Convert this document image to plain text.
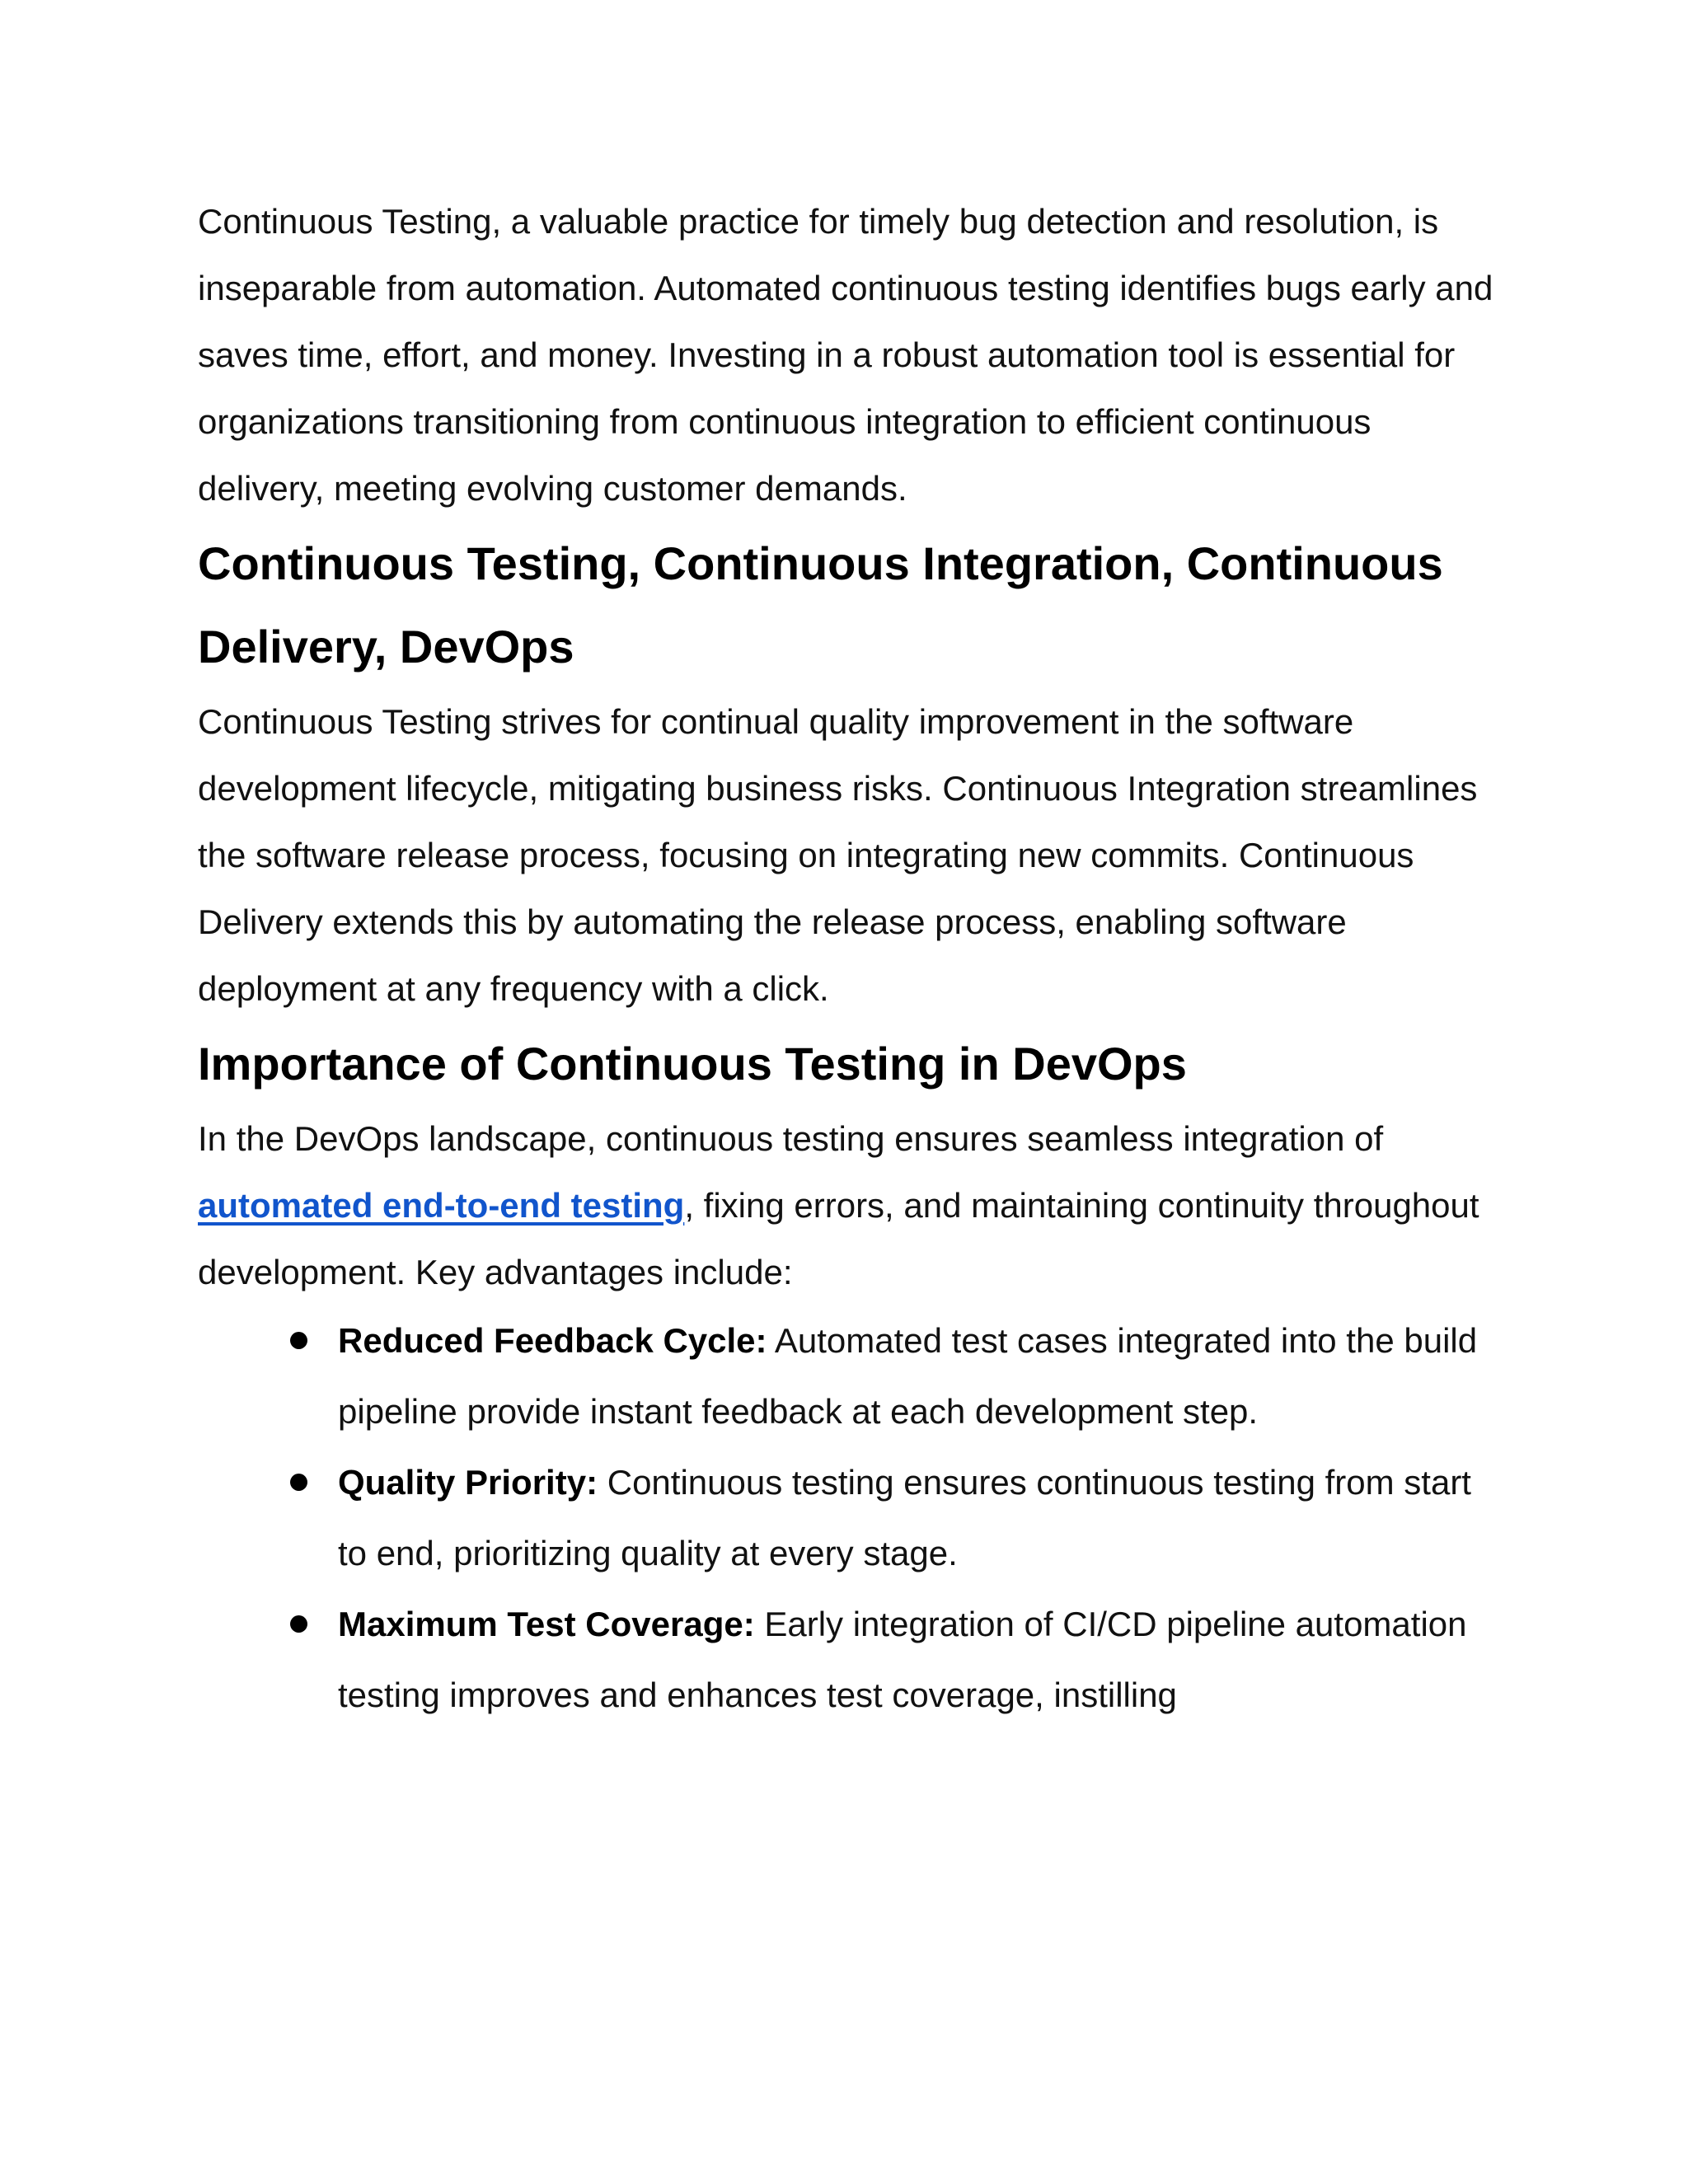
Continuous Testing, a valuable practice for timely bug detection and resolution, is inseparable from automation. Automated continuous testing identifies bugs early and saves time, effort, and money. Investing in a robust automation tool is essential for organizations transitioning from continuous integration to efficient continuous delivery, meeting evolving customer demands.

Continuous Testing, Continuous Integration, Continuous Delivery, DevOps

Continuous Testing strives for continual quality improvement in the software development lifecycle, mitigating business risks. Continuous Integration streamlines the software release process, focusing on integrating new commits. Continuous Delivery extends this by automating the release process, enabling software deployment at any frequency with a click.

Importance of Continuous Testing in DevOps

In the DevOps landscape, continuous testing ensures seamless integration of automated end-to-end testing, fixing errors, and maintaining continuity throughout development. Key advantages include:

Reduced Feedback Cycle: Automated test cases integrated into the build pipeline provide instant feedback at each development step.
Quality Priority: Continuous testing ensures continuous testing from start to end, prioritizing quality at every stage.
Maximum Test Coverage: Early integration of CI/CD pipeline automation testing improves and enhances test coverage, instilling
